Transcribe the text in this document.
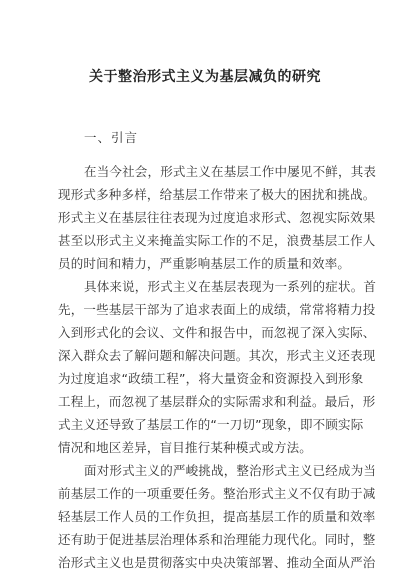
关于整治形式主义为基层减负的研究
一、引言
在当今社会，形式主义在基层工作中屡见不鲜，其表
现形式多种多样，给基层工作带来了极大的困扰和挑战。
形式主义在基层往往表现为过度追求形式、忽视实际效果
甚至以形式主义来掩盖实际工作的不足，浪费基层工作人
员的时间和精力，严重影响基层工作的质量和效率。
具体来说，形式主义在基层表现为一系列的症状。首
先，一些基层干部为了追求表面上的成绩，常常将精力投
入到形式化的会议、文件和报告中，而忽视了深入实际、
深入群众去了解问题和解决问题。其次，形式主义还表现
为过度追求“政绩工程”，将大量资金和资源投入到形象
工程上，而忽视了基层群众的实际需求和利益。最后，形
式主义还导致了基层工作的“一刀切”现象，即不顾实际
情况和地区差异，盲目推行某种模式或方法。
面对形式主义的严峻挑战，整治形式主义已经成为当
前基层工作的一项重要任务。整治形式主义不仅有助于减
轻基层工作人员的工作负担，提高基层工作的质量和效率
还有助于促进基层治理体系和治理能力现代化。同时，整
治形式主义也是贯彻落实中央决策部署、推动全面从严治
